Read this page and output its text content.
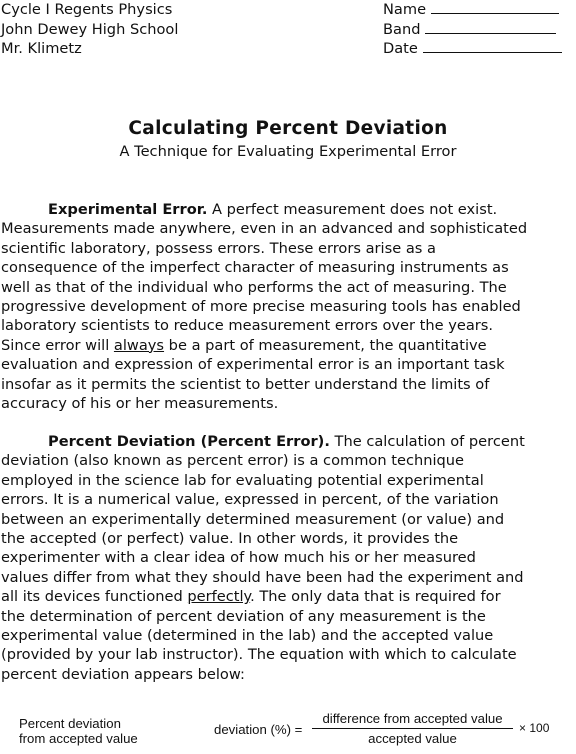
Cycle I Regents Physics
John Dewey High School
Mr. Klimetz
Name
Band
Date
Calculating Percent Deviation
A Technique for Evaluating Experimental Error
Experimental Error. A perfect measurement does not exist.
Measurements made anywhere, even in an advanced and sophisticated
scientific laboratory, possess errors. These errors arise as a
consequence of the imperfect character of measuring instruments as
well as that of the individual who performs the act of measuring. The
progressive development of more precise measuring tools has enabled
laboratory scientists to reduce measurement errors over the years.
Since error will always be a part of measurement, the quantitative
evaluation and expression of experimental error is an important task
insofar as it permits the scientist to better understand the limits of
accuracy of his or her measurements.
Percent Deviation (Percent Error). The calculation of percent
deviation (also known as percent error) is a common technique
employed in the science lab for evaluating potential experimental
errors. It is a numerical value, expressed in percent, of the variation
between an experimentally determined measurement (or value) and
the accepted (or perfect) value. In other words, it provides the
experimenter with a clear idea of how much his or her measured
values differ from what they should have been had the experiment and
all its devices functioned perfectly. The only data that is required for
the determination of percent deviation of any measurement is the
experimental value (determined in the lab) and the accepted value
(provided by your lab instructor). The equation with which to calculate
percent deviation appears below:
Percent deviation
from accepted value
deviation (%) =
difference from accepted value
accepted value
× 100
